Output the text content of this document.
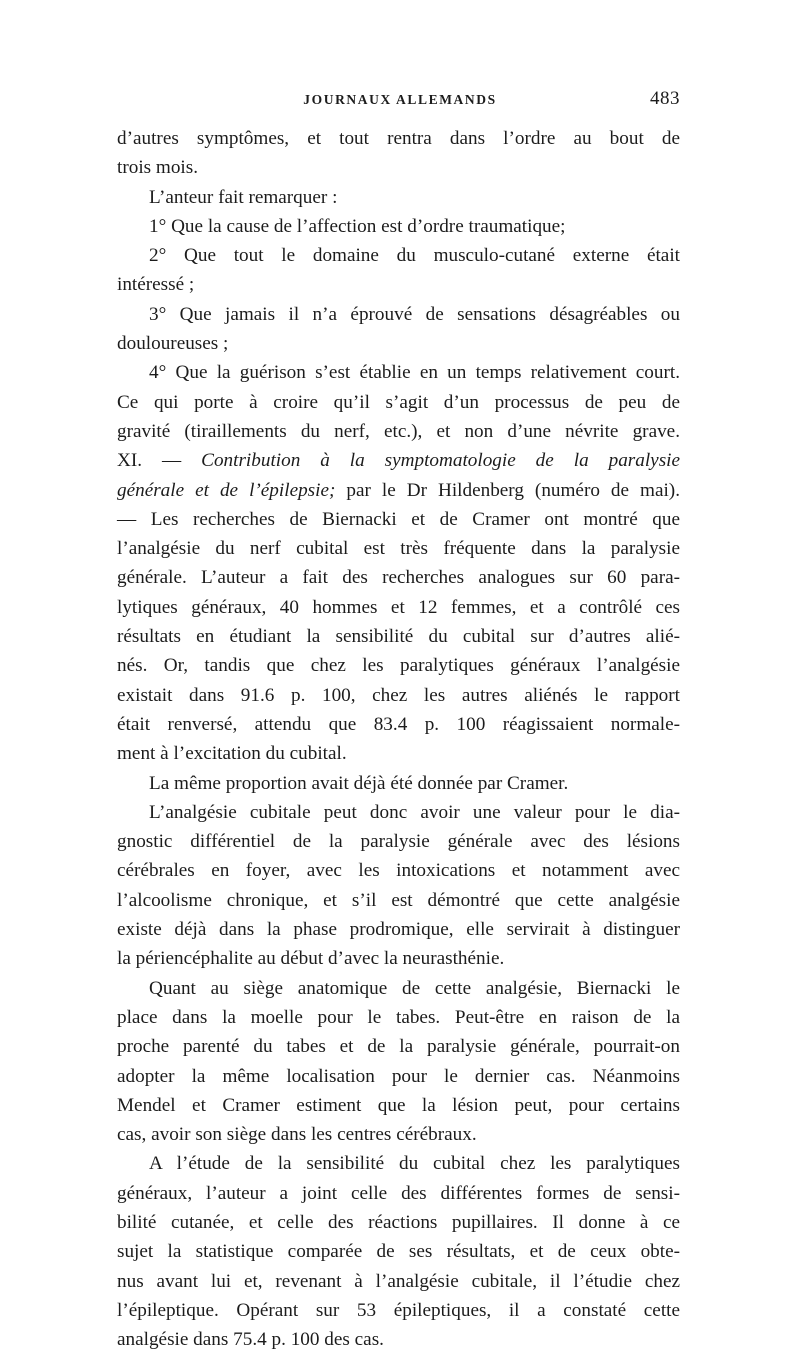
JOURNAUX ALLEMANDS	483
d’autres symptômes, et tout rentra dans l’ordre au bout de
trois mois.
L’anteur fait remarquer :
1° Que la cause de l’affection est d’ordre traumatique;
2° Que tout le domaine du musculo-cutané externe était
intéressé ;
3° Que jamais il n’a éprouvé de sensations désagréables ou
douloureuses ;
4° Que la guérison s’est établie en un temps relativement court.
Ce qui porte à croire qu’il s’agit d’un processus de peu de
gravité (tiraillements du nerf, etc.), et non d’une névrite grave.
XI. — Contribution à la symptomatologie de la paralysie
générale et de l’épilepsie; par le Dr Hildenberg (numéro de mai).
— Les recherches de Biernacki et de Cramer ont montré que
l’analgésie du nerf cubital est très fréquente dans la paralysie
générale. L’auteur a fait des recherches analogues sur 60 para-
lytiques généraux, 40 hommes et 12 femmes, et a contrôlé ces
résultats en étudiant la sensibilité du cubital sur d’autres alié-
nés. Or, tandis que chez les paralytiques généraux l’analgésie
existait dans 91.6 p. 100, chez les autres aliénés le rapport
était renversé, attendu que 83.4 p. 100 réagissaient normale-
ment à l’excitation du cubital.
La même proportion avait déjà été donnée par Cramer.
L’analgésie cubitale peut donc avoir une valeur pour le dia-
gnostic différentiel de la paralysie générale avec des lésions
cérébrales en foyer, avec les intoxications et notamment avec
l’alcoolisme chronique, et s’il est démontré que cette analgésie
existe déjà dans la phase prodromique, elle servirait à distinguer
la périencéphalite au début d’avec la neurasthénie.
Quant au siège anatomique de cette analgésie, Biernacki le
place dans la moelle pour le tabes. Peut-être en raison de la
proche parenté du tabes et de la paralysie générale, pourrait-on
adopter la même localisation pour le dernier cas. Néanmoins
Mendel et Cramer estiment que la lésion peut, pour certains
cas, avoir son siège dans les centres cérébraux.
A l’étude de la sensibilité du cubital chez les paralytiques
généraux, l’auteur a joint celle des différentes formes de sensi-
bilité cutanée, et celle des réactions pupillaires. Il donne à ce
sujet la statistique comparée de ses résultats, et de ceux obte-
nus avant lui et, revenant à l’analgésie cubitale, il l’étudie chez
l’épileptique. Opérant sur 53 épileptiques, il a constaté cette
analgésie dans 75.4 p. 100 des cas.
